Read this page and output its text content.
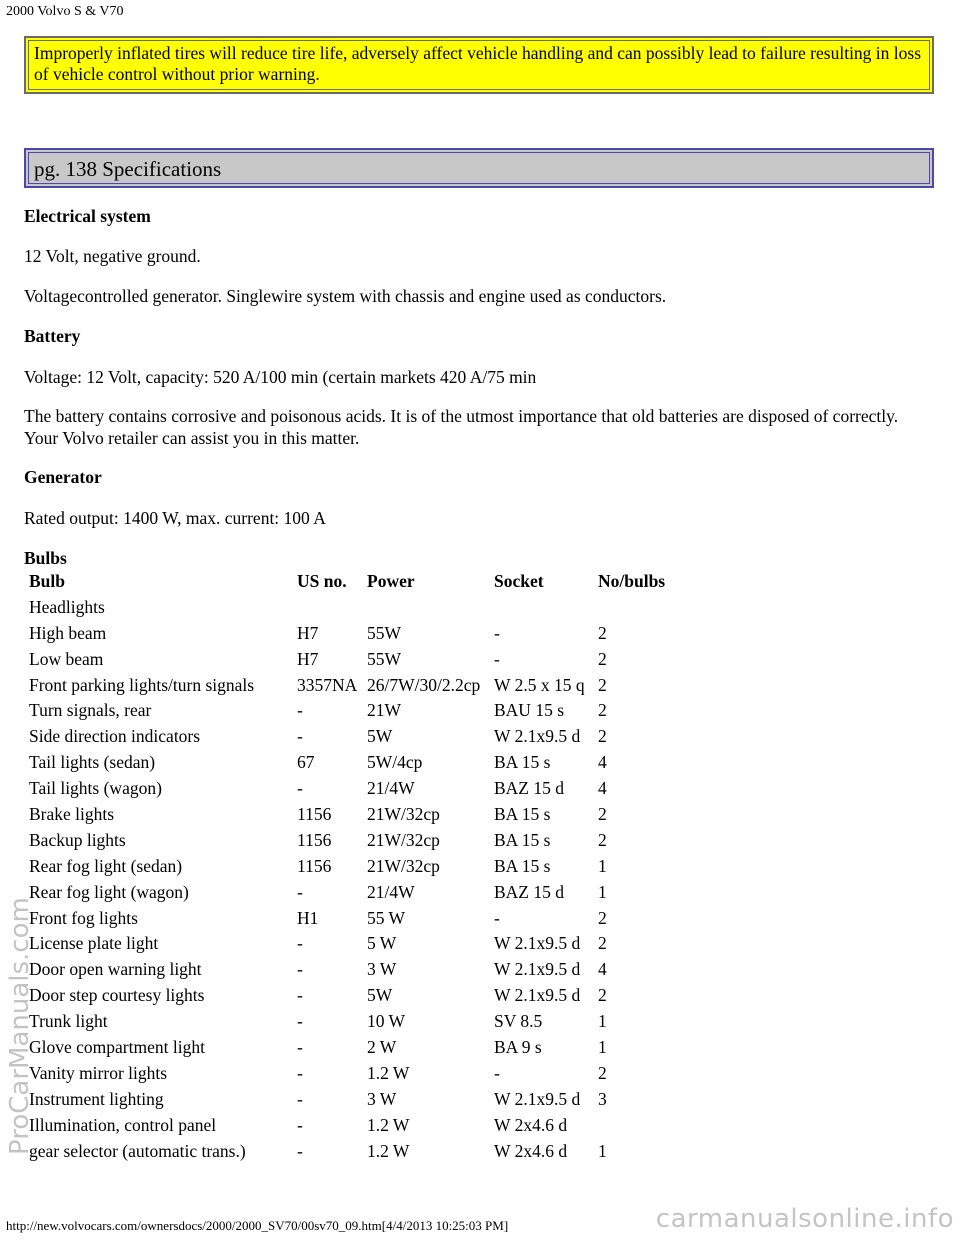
2000 Volvo S & V70
Improperly inflated tires will reduce tire life, adversely affect vehicle handling and can possibly lead to failure resulting in loss of vehicle control without prior warning.
pg. 138 Specifications

Electrical system

12 Volt, negative ground.

Voltagecontrolled generator. Singlewire system with chassis and engine used as conductors.

Battery

Voltage: 12 Volt, capacity: 520 A/100 min (certain markets 420 A/75 min

The battery contains corrosive and poisonous acids. It is of the utmost importance that old batteries are disposed of correctly. Your Volvo retailer can assist you in this matter.

Generator

Rated output: 1400 W, max. current: 100 A

Bulbs

Bulb	US no.	Power	Socket	No/bulbs
Headlights				
High beam	H7	55W	-	2
Low beam	H7	55W	-	2
Front parking lights/turn signals	3357NA	26/7W/30/2.2cp	W 2.5 x 15 q	2
Turn signals, rear	-	21W	BAU 15 s	2
Side direction indicators	-	5W	W 2.1x9.5 d	2
Tail lights (sedan)	67	5W/4cp	BA 15 s	4
Tail lights (wagon)	-	21/4W	BAZ 15 d	4
Brake lights	1156	21W/32cp	BA 15 s	2
Backup lights	1156	21W/32cp	BA 15 s	2
Rear fog light (sedan)	1156	21W/32cp	BA 15 s	1
Rear fog light (wagon)	-	21/4W	BAZ 15 d	1
Front fog lights	H1	55 W	-	2
License plate light	-	5 W	W 2.1x9.5 d	2
Door open warning light	-	3 W	W 2.1x9.5 d	4
Door step courtesy lights	-	5W	W 2.1x9.5 d	2
Trunk light	-	10 W	SV 8.5	1
Glove compartment light	-	2 W	BA 9 s	1
Vanity mirror lights	-	1.2 W	-	2
Instrument lighting	-	3 W	W 2.1x9.5 d	3
Illumination, control panel	-	1.2 W	W 2x4.6 d	
gear selector (automatic trans.)	-	1.2 W	W 2x4.6 d	1
ProCarManuals.com
http://new.volvocars.com/ownersdocs/2000/2000_SV70/00sv70_09.htm[4/4/2013 10:25:03 PM]	carmanualsonline.info
